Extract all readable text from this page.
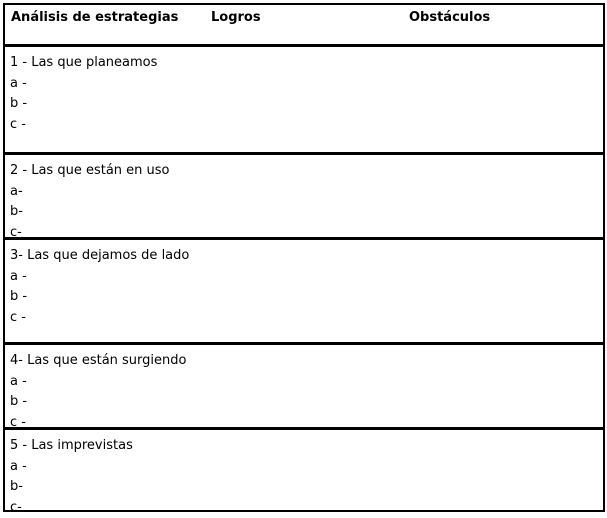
Análisis de estrategias	Logros	Obstáculos
1 - Las que planeamos
a -
b -
c -
2 - Las que están en uso
a-
b-
c-
3- Las que dejamos de lado
a -
b -
c -
4- Las que están surgiendo
a -
b -
c -
5 - Las imprevistas
a -
b-
c-
